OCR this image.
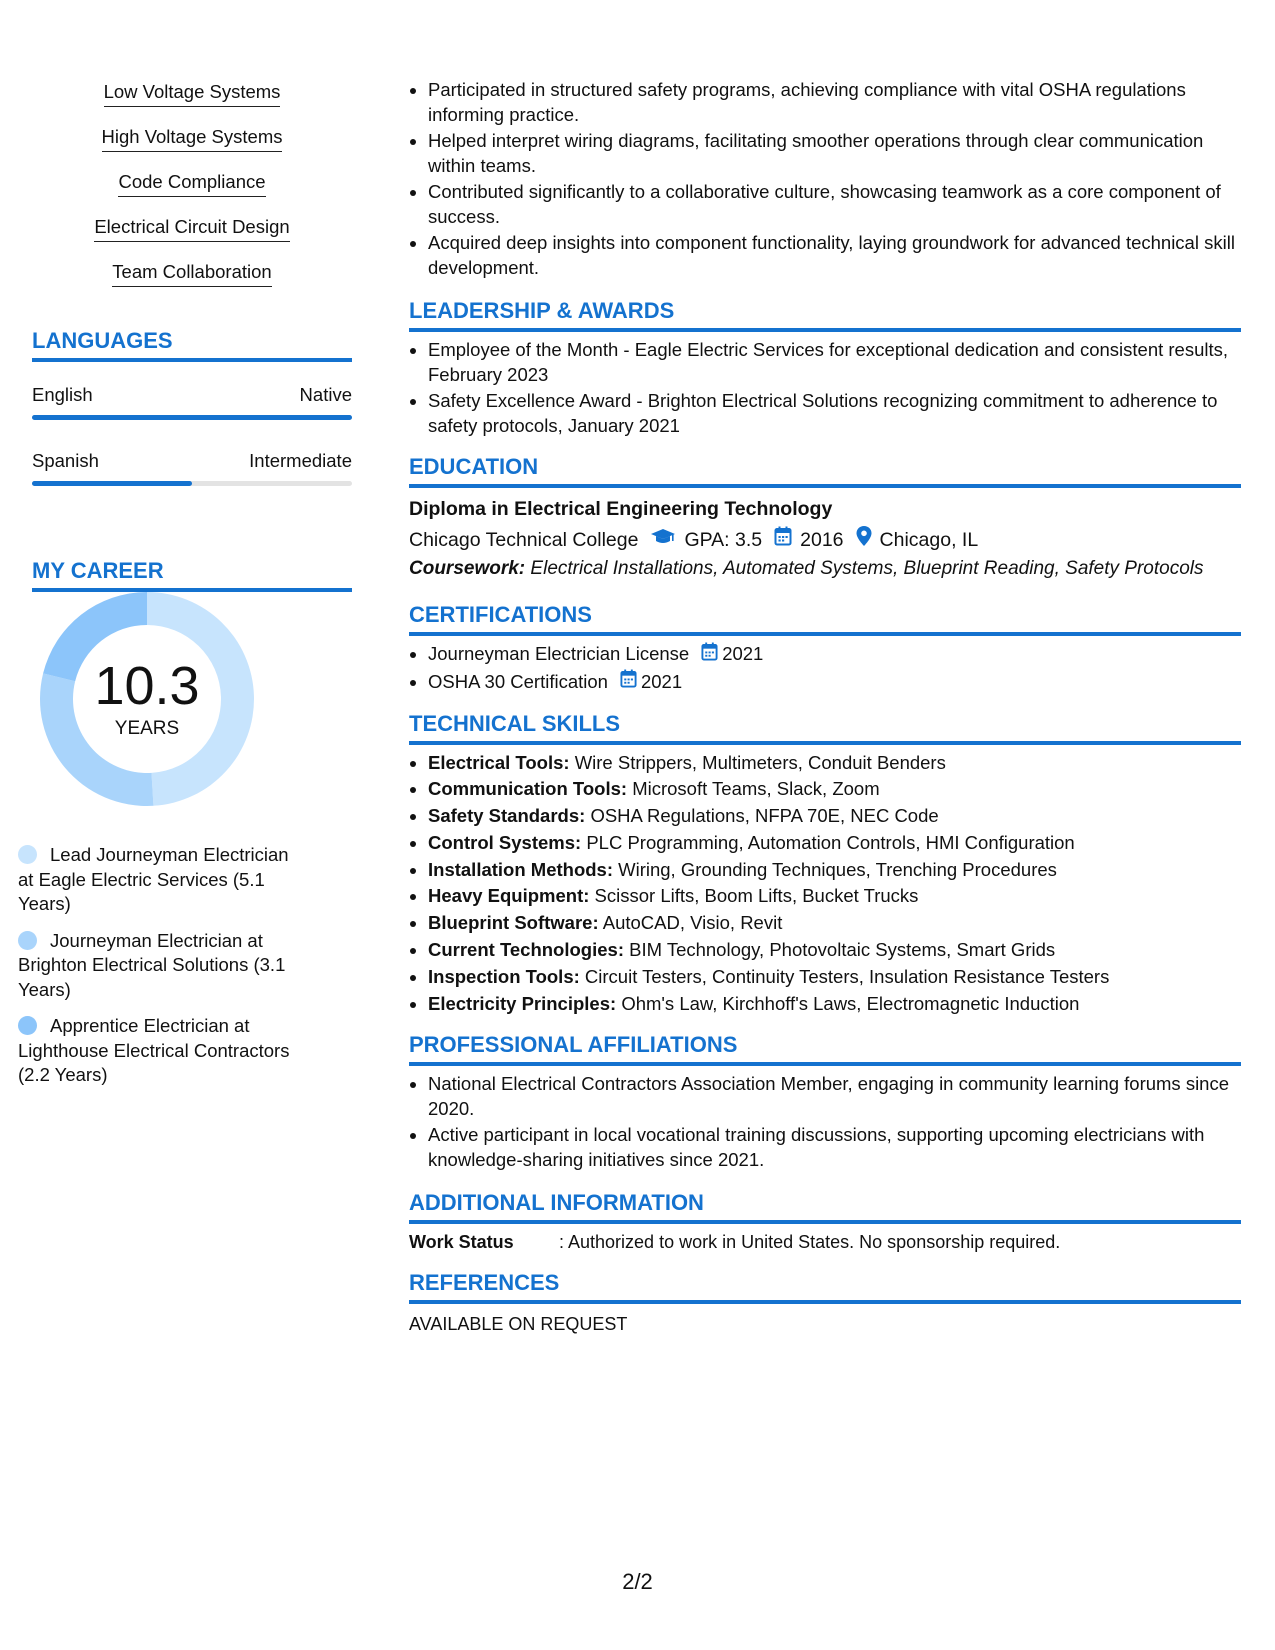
Low Voltage Systems
High Voltage Systems
Code Compliance
Electrical Circuit Design
Team Collaboration
LANGUAGES
English	Native
Spanish	Intermediate
MY CAREER
10.3
YEARS
Lead Journeyman Electrician at Eagle Electric Services (5.1 Years)
Journeyman Electrician at Brighton Electrical Solutions (3.1 Years)
Apprentice Electrician at Lighthouse Electrical Contractors (2.2 Years)
• Participated in structured safety programs, achieving compliance with vital OSHA regulations informing practice.
• Helped interpret wiring diagrams, facilitating smoother operations through clear communication within teams.
• Contributed significantly to a collaborative culture, showcasing teamwork as a core component of success.
• Acquired deep insights into component functionality, laying groundwork for advanced technical skill development.
LEADERSHIP & AWARDS
• Employee of the Month - Eagle Electric Services for exceptional dedication and consistent results, February 2023
• Safety Excellence Award - Brighton Electrical Solutions recognizing commitment to adherence to safety protocols, January 2021
EDUCATION
Diploma in Electrical Engineering Technology
Chicago Technical College GPA: 3.5 2016 Chicago, IL
Coursework: Electrical Installations, Automated Systems, Blueprint Reading, Safety Protocols
CERTIFICATIONS
• Journeyman Electrician License 2021
• OSHA 30 Certification 2021
TECHNICAL SKILLS
• Electrical Tools: Wire Strippers, Multimeters, Conduit Benders
• Communication Tools: Microsoft Teams, Slack, Zoom
• Safety Standards: OSHA Regulations, NFPA 70E, NEC Code
• Control Systems: PLC Programming, Automation Controls, HMI Configuration
• Installation Methods: Wiring, Grounding Techniques, Trenching Procedures
• Heavy Equipment: Scissor Lifts, Boom Lifts, Bucket Trucks
• Blueprint Software: AutoCAD, Visio, Revit
• Current Technologies: BIM Technology, Photovoltaic Systems, Smart Grids
• Inspection Tools: Circuit Testers, Continuity Testers, Insulation Resistance Testers
• Electricity Principles: Ohm's Law, Kirchhoff's Laws, Electromagnetic Induction
PROFESSIONAL AFFILIATIONS
• National Electrical Contractors Association Member, engaging in community learning forums since 2020.
• Active participant in local vocational training discussions, supporting upcoming electricians with knowledge-sharing initiatives since 2021.
ADDITIONAL INFORMATION
Work Status	: Authorized to work in United States. No sponsorship required.
REFERENCES
AVAILABLE ON REQUEST
2/2
